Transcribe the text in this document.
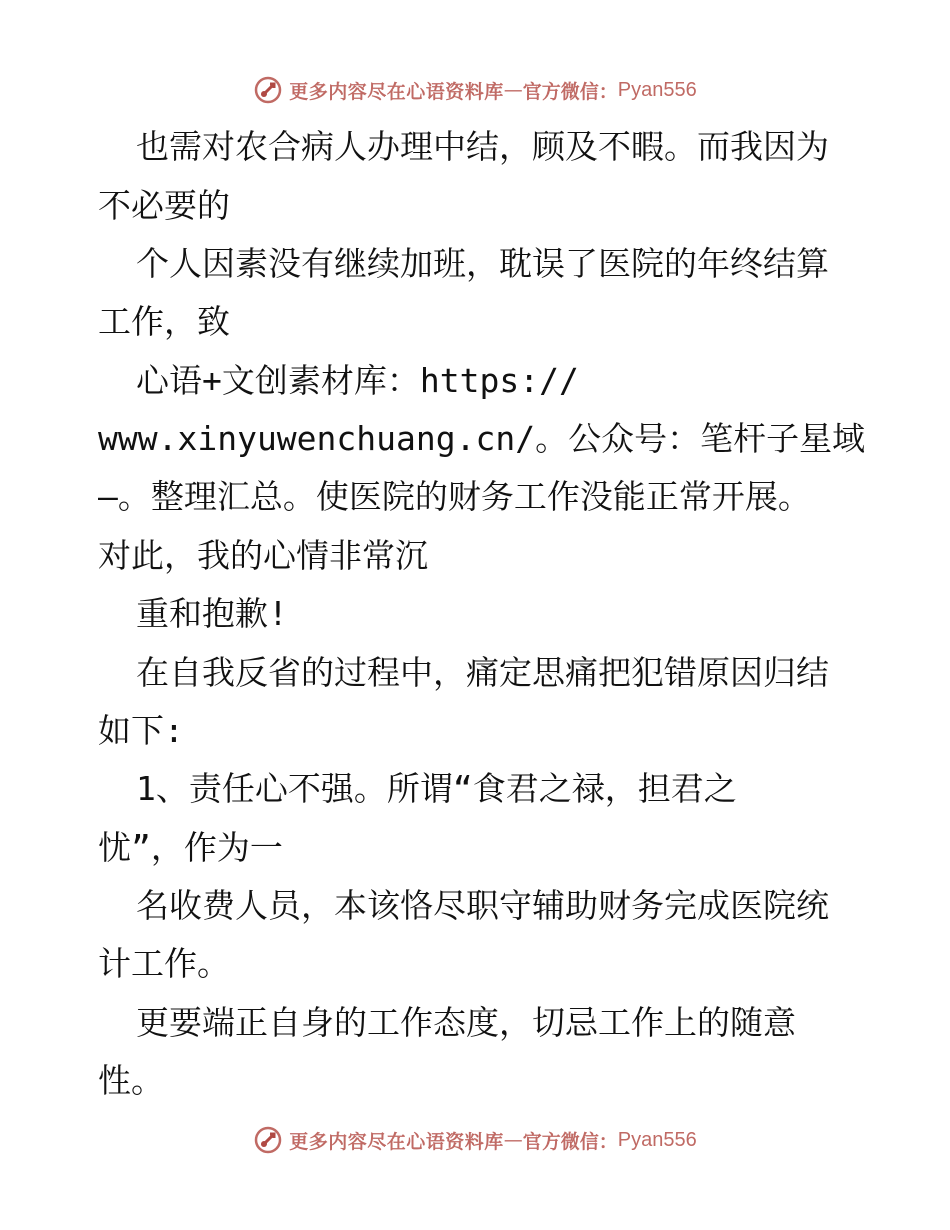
更多内容尽在心语资料库 — 官方微信： Pyan556
也需对农合病人办理中结，顾及不暇。而我因为
不必要的
个人因素没有继续加班，耽误了医院的年终结算
工作，致
心语+文创素材库：https://
www.xinyuwenchuang.cn/。公众号：笔杆子星域
—。整理汇总。使医院的财务工作没能正常开展。
对此，我的心情非常沉
重和抱歉!
在自我反省的过程中，痛定思痛把犯错原因归结
如下:
1、责任心不强。所谓“食君之禄，担君之
忧”，作为一
名收费人员，本该恪尽职守辅助财务完成医院统
计工作。
更要端正自身的工作态度，切忌工作上的随意
性。
更多内容尽在心语资料库 — 官方微信： Pyan556
